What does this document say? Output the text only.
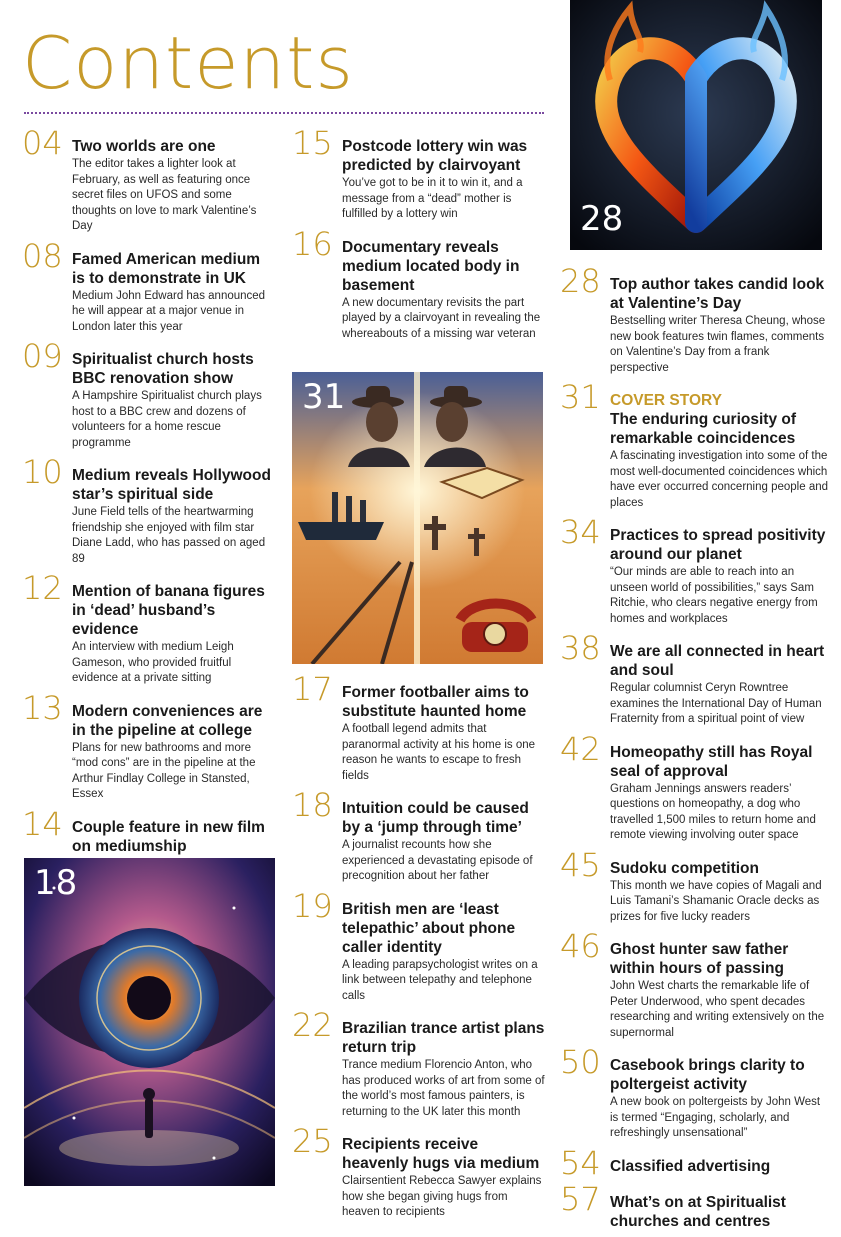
Contents
04 Two worlds are one
The editor takes a lighter look at February, as well as featuring once secret files on UFOS and some thoughts on love to mark Valentine’s Day
08 Famed American medium is to demonstrate in UK
Medium John Edward has announced he will appear at a major venue in London later this year
09 Spiritualist church hosts BBC renovation show
A Hampshire Spiritualist church plays host to a BBC crew and dozens of volunteers for a home rescue programme
10 Medium reveals Hollywood star’s spiritual side
June Field tells of the heartwarming friendship she enjoyed with film star Diane Ladd, who has passed on aged 89
12 Mention of banana figures in ‘dead’ husband’s evidence
An interview with medium Leigh Gameson, who provided fruitful evidence at a private sitting
13 Modern conveniences are in the pipeline at college
Plans for new bathrooms and more “mod cons” are in the pipeline at the Arthur Findlay College in Stansted, Essex
14 Couple feature in new film on mediumship
15 Postcode lottery win was predicted by clairvoyant
You’ve got to be in it to win it, and a message from a “dead” mother is fulfilled by a lottery win
16 Documentary reveals medium located body in basement
A new documentary revisits the part played by a clairvoyant in revealing the whereabouts of a missing war veteran
17 Former footballer aims to substitute haunted home
A football legend admits that paranormal activity at his home is one reason he wants to escape to fresh fields
18 Intuition could be caused by a ‘jump through time’
A journalist recounts how she experienced a devastating episode of precognition about her father
19 British men are ‘least telepathic’ about phone caller identity
A leading parapsychologist writes on a link between telepathy and telephone calls
22 Brazilian trance artist plans return trip
Trance medium Florencio Anton, who has produced works of art from some of the world’s most famous painters, is returning to the UK later this month
25 Recipients receive heavenly hugs via medium
Clairsentient Rebecca Sawyer explains how she began giving hugs from heaven to recipients
28 Top author takes candid look at Valentine’s Day
Bestselling writer Theresa Cheung, whose new book features twin flames, comments on Valentine’s Day from a frank perspective
31 COVER STORY
The enduring curiosity of remarkable coincidences
A fascinating investigation into some of the most well-documented coincidences which have ever occurred concerning people and places
34 Practices to spread positivity around our planet
“Our minds are able to reach into an unseen world of possibilities,” says Sam Ritchie, who clears negative energy from homes and workplaces
38 We are all connected in heart and soul
Regular columnist Ceryn Rowntree examines the International Day of Human Fraternity from a spiritual point of view
42 Homeopathy still has Royal seal of approval
Graham Jennings answers readers’ questions on homeopathy, a dog who travelled 1,500 miles to return home and remote viewing involving outer space
45 Sudoku competition
This month we have copies of Magali and Luis Tamani’s Shamanic Oracle decks as prizes for five lucky readers
46 Ghost hunter saw father within hours of passing
John West charts the remarkable life of Peter Underwood, who spent decades researching and writing extensively on the supernormal
50 Casebook brings clarity to poltergeist activity
A new book on poltergeists by John West is termed “Engaging, scholarly, and refreshingly unsensational”
54 Classified advertising
57 What’s on at Spiritualist churches and centres
28
31
18
